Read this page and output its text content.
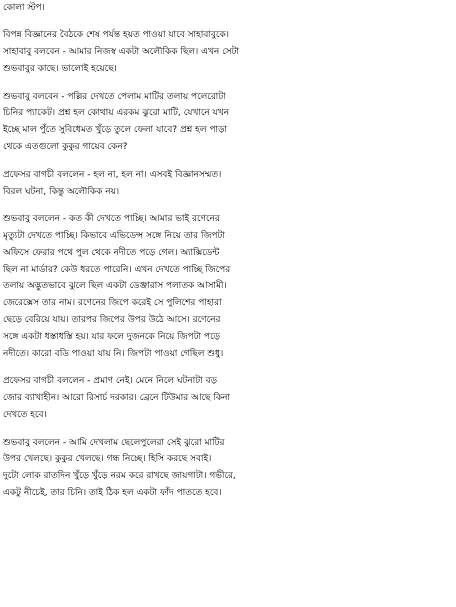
কোলা স্টপ।
বিপন্ন বিজ্ঞানের বৈঠকে শেষ পর্যন্ত হয়ত পাওয়া যাবে সাহাবাবুকে।
সাহাবাবু বলবেন - আমার নিজস্ব একটা অলৌকিক ছিল। এখন সেটা
শুভবাবুর কাছে। ভালোই হয়েছে।
শুভবাবু বলবেন - পল্লির দেখতে পেলাম মাটির তলায় পলেরোটা
চিনির প্যাকেট। প্রশ্ন হল কোথায় এরকম ঝুরো মাটি, যেখানে যখন
ইচ্ছে মাল পুঁতে সুবিধেমত খুঁড়ে তুলে ফেলা যাবে? প্রশ্ন হল পাড়া
থেকে এতগুলো কুকুর গায়েব কেন?
প্রফেসর বাগচী বললেন - হল না, হল না। এসবই বিজ্ঞানসম্মত।
বিরল ঘটনা, কিন্তু অলৌকিক নয়।
শুভবাবু বললেন - কত কী দেখতে পাচ্ছি। আমার ভাই রণেনের
মৃত্যুটা দেখতে পাচ্ছি। কিভাবে এভিডেন্স সঙ্গে নিয়ে তার জিপটা
অফিসে ফেরার পথে পুল থেকে নদীতে পড়ে গেল। অ্যাক্সিডেন্ট
ছিল না মার্ডার? কেউ ধরতে পারেনি। এখন দেখতে পাচ্ছি জিপের
তলায় অদ্ভুতভাবে ঝুলে ছিল একটা ডেঞ্জারাস পলাতক আসামী।
জেরেক্সেস তার নাম। রণেনের জিপে করেই সে পুলিশের পাহারা
ছেড়ে বেরিয়ে যায়। তারপর জিপের উপর উঠে আসে। রণেনের
সঙ্গে একটা ধস্তাধস্তি হয়। যার ফলে দুজনকে নিয়ে জিপটা পড়ে
নদীতে। কারো বডি পাওয়া যায় নি। জিপটা পাওয়া গেছিল শুধু।
প্রফেসর বাগচী বললেন - প্রমাণ নেই। মেনে নিলে ঘটনাটা বড়
জোর ব্যাখাহীন। আরো রিসার্চ দরকার। ব্রেনে টিউমার আছে কিনা
দেখতে হবে।
শুভবাবু বললেন - আমি দেখলাম ছেলেপুলেরা সেই ঝুরো মাটির
উপর খেলছে। কুকুর খেলছে। গন্ধ নিচ্ছে। হিসি করছে সবাই।
দুটো লোক রাতদিন খুঁড়ে খুঁড়ে নরম করে রাখছে জায়গাটা। গভীরে,
একটু নীচেই, তার চিনি। তাই ঠিক হল একটা ফাঁদ পাততে হবে।
